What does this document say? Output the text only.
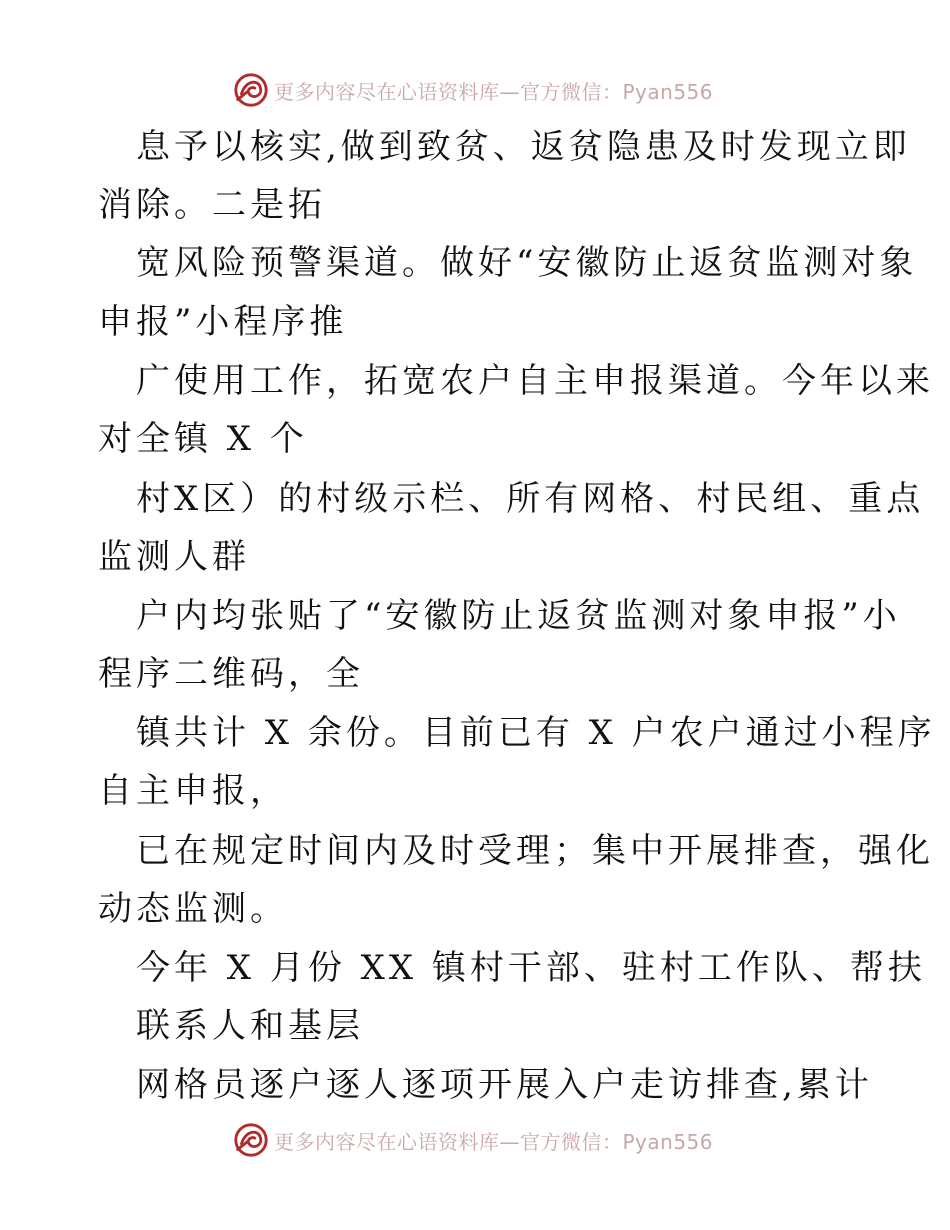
更多内容尽在心语资料库—官方微信：Pyan556
息予以核实,做到致贫、返贫隐患及时发现立即
消除。二是拓
宽风险预警渠道。做好“安徽防止返贫监测对象
申报”小程序推
广使用工作，拓宽农户自主申报渠道。今年以来
对全镇 X 个
村X区）的村级示栏、所有网格、村民组、重点
监测人群
户内均张贴了“安徽防止返贫监测对象申报”小
程序二维码，全
镇共计 X 余份。目前已有 X 户农户通过小程序
自主申报，
已在规定时间内及时受理；集中开展排查，强化
动态监测。
今年 X 月份 XX 镇村干部、驻村工作队、帮扶
联系人和基层
网格员逐户逐人逐项开展入户走访排查,累计
更多内容尽在心语资料库—官方微信：Pyan556
